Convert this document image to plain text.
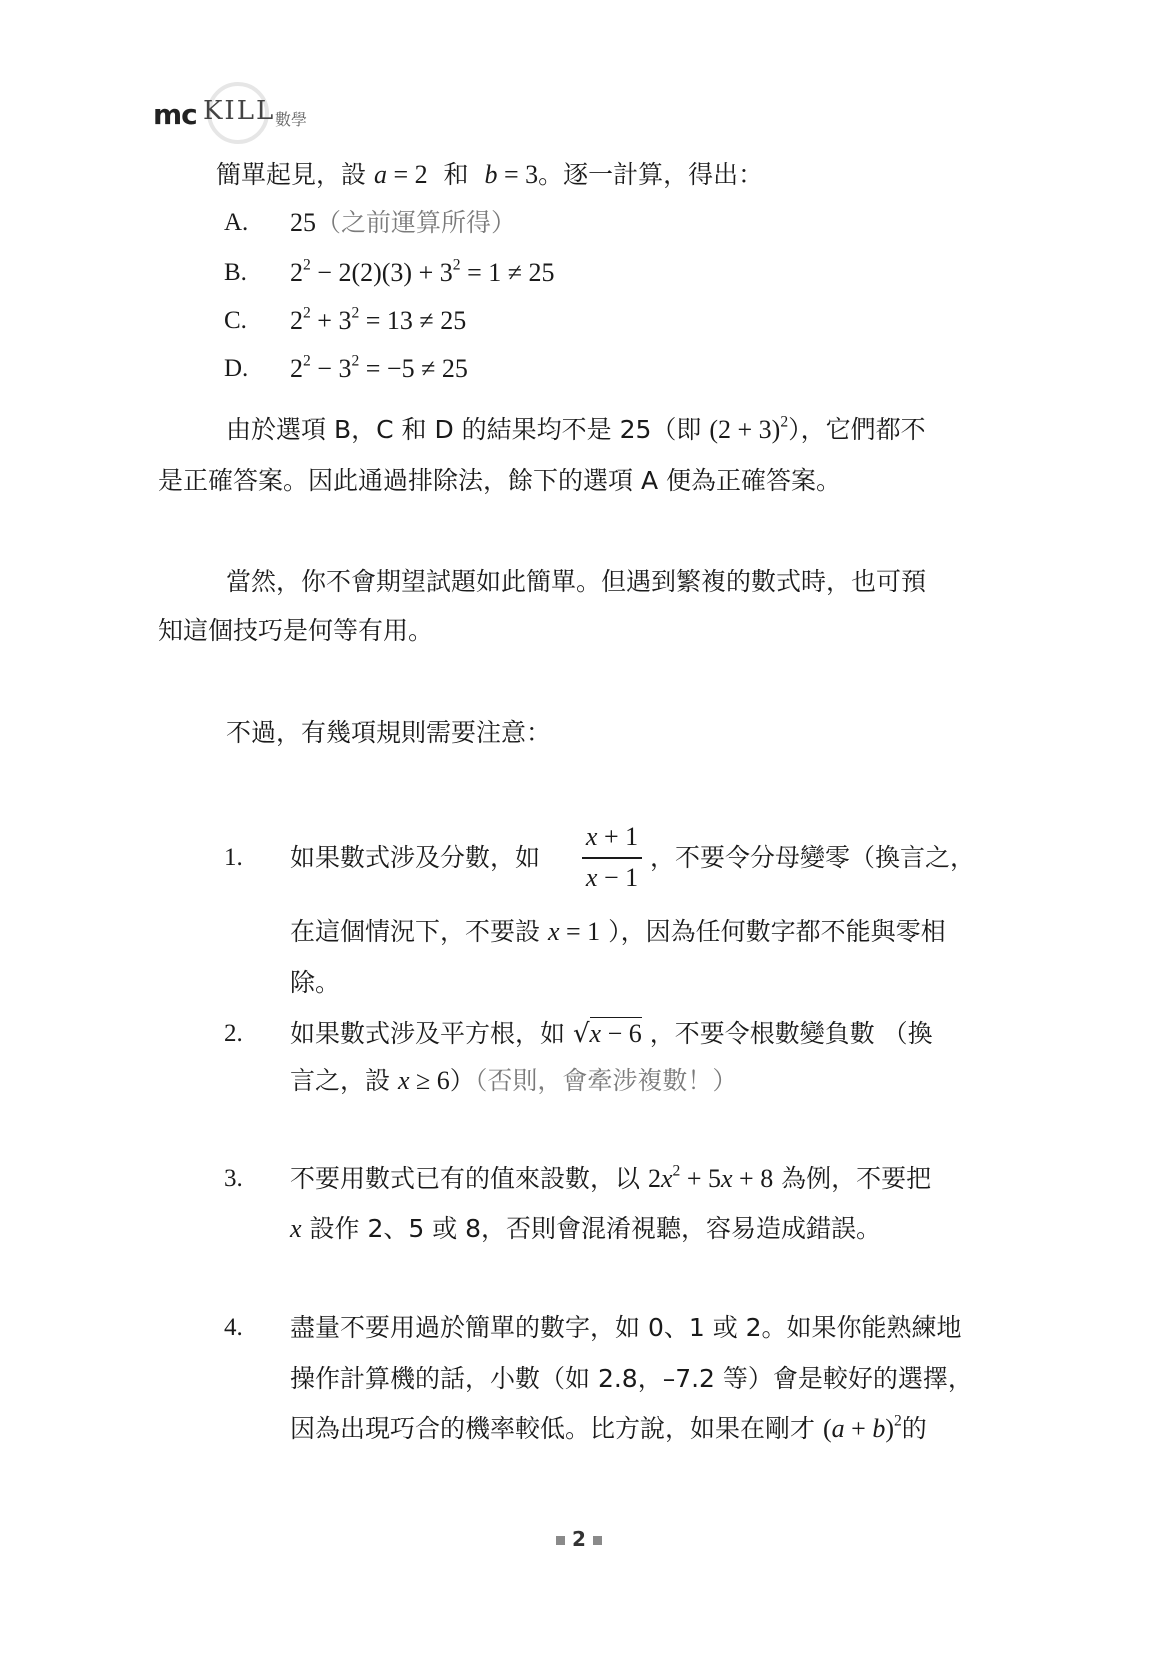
mc KILL 數學
簡單起見，設 a = 2 和 b = 3。逐一計算，得出：
A. 25（之前運算所得）
B. $2^2 - 2(2)(3) + 3^2 = 1 \ne 25$
C. $2^2 + 3^2 = 13 \ne 25$
D. $2^2 - 3^2 = -5 \ne 25$
由於選項 B，C 和 D 的結果均不是 25（即 $(2 + 3)^2$），它們都不
是正確答案。因此通過排除法，餘下的選項 A 便為正確答案。
當然，你不會期望試題如此簡單。但遇到繁複的數式時，也可預
知這個技巧是何等有用。
不過，有幾項規則需要注意：
1. 如果數式涉及分數，如
x + 1
x − 1
，不要令分母變零（換言之，
在這個情況下，不要設 x = 1 ），因為任何數字都不能與零相
除。
2. 如果數式涉及平方根，如 √x − 6 ，不要令根數變負數 （換
言之，設 x ≥ 6）（否則，會牽涉複數！）
3. 不要用數式已有的值來設數，以 $2x^2 + 5x + 8$ 為例，不要把
x 設作 2、5 或 8，否則會混淆視聽，容易造成錯誤。
4. 盡量不要用過於簡單的數字，如 0、1 或 2。如果你能熟練地
操作計算機的話，小數（如 2.8，–7.2 等）會是較好的選擇，
因為出現巧合的機率較低。比方說，如果在剛才 $(a + b)^2$的
2
